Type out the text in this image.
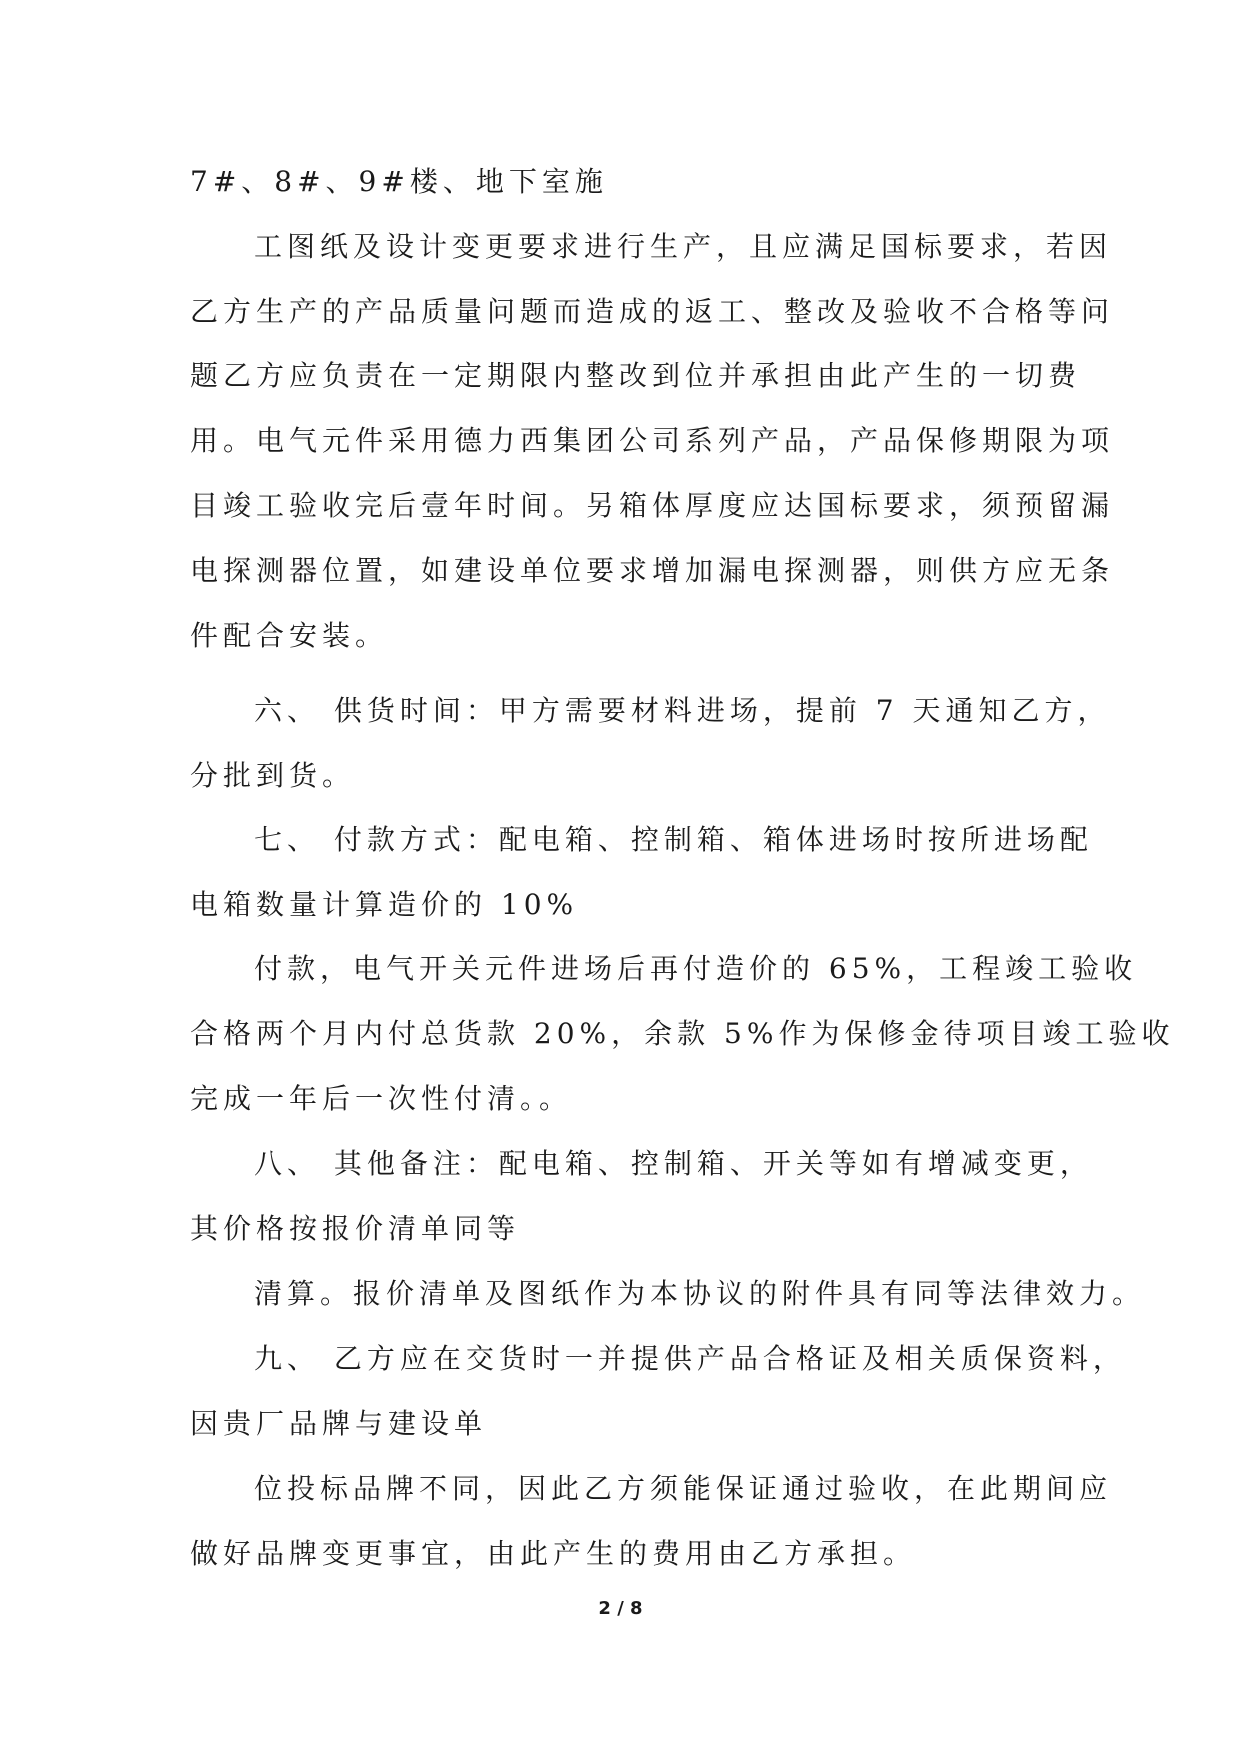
7#、8#、9#楼、地下室施
工图纸及设计变更要求进行生产，且应满足国标要求，若因
乙方生产的产品质量问题而造成的返工、整改及验收不合格等问
题乙方应负责在一定期限内整改到位并承担由此产生的一切费
用。电气元件采用德力西集团公司系列产品，产品保修期限为项
目竣工验收完后壹年时间。另箱体厚度应达国标要求，须预留漏
电探测器位置，如建设单位要求增加漏电探测器，则供方应无条
件配合安装。
六、 供货时间：甲方需要材料进场，提前 7 天通知乙方，
分批到货。
七、 付款方式：配电箱、控制箱、箱体进场时按所进场配
电箱数量计算造价的 10%
付款，电气开关元件进场后再付造价的 65%，工程竣工验收
合格两个月内付总货款 20%，余款 5%作为保修金待项目竣工验收
完成一年后一次性付清。。
八、 其他备注：配电箱、控制箱、开关等如有增减变更，
其价格按报价清单同等
清算。报价清单及图纸作为本协议的附件具有同等法律效力。
九、 乙方应在交货时一并提供产品合格证及相关质保资料，
因贵厂品牌与建设单
位投标品牌不同，因此乙方须能保证通过验收，在此期间应
做好品牌变更事宜，由此产生的费用由乙方承担。
2 / 8
